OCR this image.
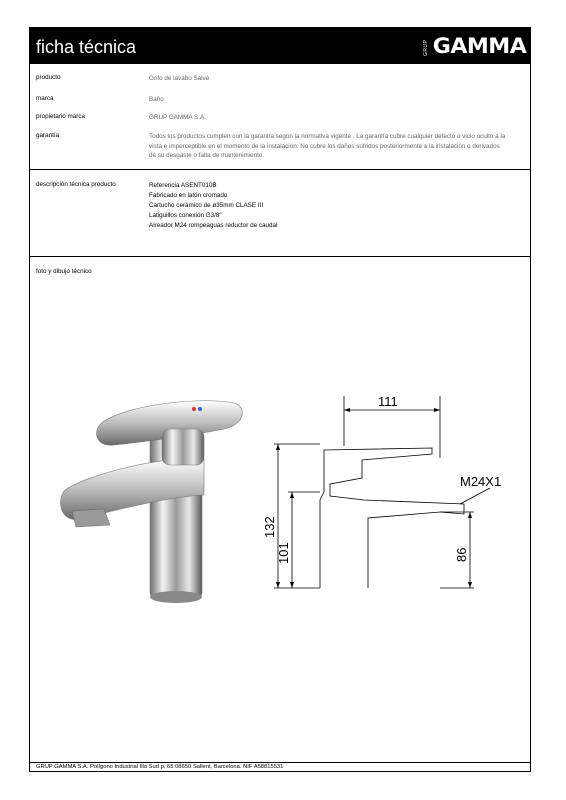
ficha técnica	GRUP GAMMA
producto	Grifo de lavabo Salve
marca	Baho
propietario marca	GRUP GAMMA S.A.
garantía	Todos los productos cumplen con la garantía según la normativa vigente . La garantía cubre cualquier defecto o vicio oculto a la
vista e imperceptible en el momento de la instalación. No cubre los daños sufridos posteriormente a la instalación o derivados
de su desgaste o falta de mantenimiento.
descripción técnica producto	Referencia ASENT010B
Fabricado en latón cromado
Cartucho cerámico de ø35mm CLASE III
Latiguillos conexión G3/8"
Aireador M24 rompeaguas reductor de caudal
foto y dibujo técnico
111
M24X1
132
101	86
GRUP GAMMA S.A. Polígono Industrial Illa Sud p. 65 08650 Sallent, Barcelona. NIF A58815531
